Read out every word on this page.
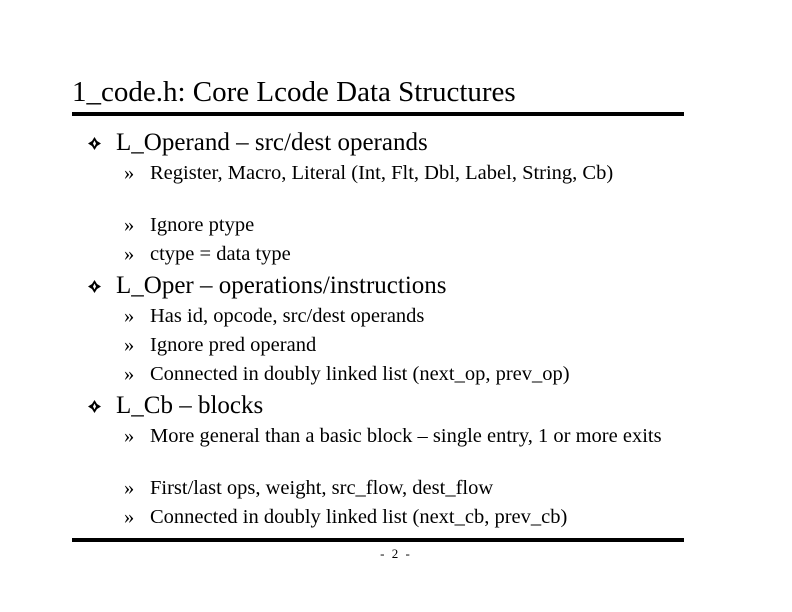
1_code.h: Core Lcode Data Structures
L_Operand – src/dest operands
» Register, Macro, Literal (Int, Flt, Dbl, Label, String, Cb)
» Ignore ptype
» ctype = data type
L_Oper – operations/instructions
» Has id, opcode, src/dest operands
» Ignore pred operand
» Connected in doubly linked list (next_op, prev_op)
L_Cb – blocks
» More general than a basic block – single entry, 1 or more exits
» First/last ops, weight, src_flow, dest_flow
» Connected in doubly linked list (next_cb, prev_cb)
- 2 -
